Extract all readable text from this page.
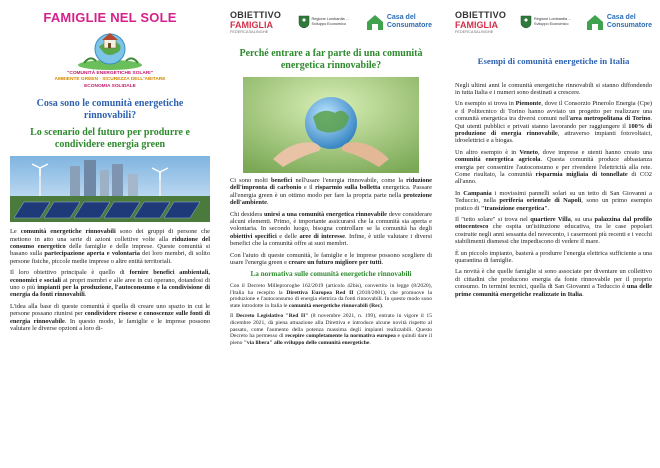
FAMIGLIE NEL SOLE
"COMUNITÀ ENERGETICHE SOLARI"
AMBIENTE GREEN - SICUREZZA DELL'ABITARE
ECONOMIA SOLIDALE
Cosa sono le comunità energetiche rinnovabili?
Lo scenario del futuro per produrre e condividere energia green

Le comunità energetiche rinnovabili sono dei gruppi di persone che mettono in atto una serie di azioni collettive volte alla riduzione del consumo energetico delle famiglie e delle imprese. Queste comunità si basano sulla partecipazione aperta e volontaria dei loro membri, di solito persone fisiche, piccole medie imprese o altre entità territoriali.

Il loro obiettivo principale è quello di fornire benefici ambientali, economici e sociali ai propri membri e alle aree in cui operano, dotandosi di uno o più impianti per la produzione, l'autoconsumo e la condivisione di energia da fonti rinnovabili.

L'idea alla base di queste comunità è quella di creare uno spazio in cui le persone possano riunirsi per condividere risorse e conoscenze sulle fonti di energia rinnovabile. In questo modo, le famiglie e le imprese possono valutare le diverse opzioni a loro di-

OBIETTIVO
FAMIGLIA
FEDERCASALINGHE
Regione Lombardia ... Sviluppo Economico
Casa del
Consumatore
Perché entrare a far parte di una comunità energetica rinnovabile?

Ci sono molti benefici nell'usare l'energia rinnovabile, come la riduzione dell'impronta di carbonio e il risparmio sulla bolletta energetica. Passare all'energia green è un ottimo modo per fare la propria parte nella protezione dell'ambiente.

Chi desidera unirsi a una comunità energetica rinnovabile deve considerare alcuni elementi. Primo, è importante assicurarsi che la comunità sia aperta e volontaria. In secondo luogo, bisogna controllare se la comunità ha degli obiettivi specifici e delle aree di interesse. Infine, è utile valutare i diversi benefici che la comunità offre ai suoi membri.

Con l'aiuto di queste comunità, le famiglie e le imprese possono scegliere di usare l'energia green e creare un futuro migliore per tutti.

La normativa sulle comunità energetiche rinnovabili

Con il Decreto Milleproroghe 162/2019 (articolo 42bis), convertito in legge (8/2020), l'Italia ha recepito la Direttiva Europea Red II (2018/2001), che promuove la produzione e l'autoconsumo di energia elettrica da fonti rinnovabili. In questo modo sono state introdotte in Italia le comunità energetiche rinnovabili (Rec).

Il Decreto Legislativo "Red II" (8 novembre 2021, n. 199), entrato in vigore il 15 dicembre 2021, dà piena attuazione alla Direttiva e introduce alcune novità rispetto al passato, come l'aumento della potenza massima degli impianti realizzabili. Questo Decreto ha permesso di recepire completamente la normativa europea e quindi dare il pieno "via libera" allo sviluppo delle comunità energetiche.

OBIETTIVO
FAMIGLIA
FEDERCASALINGHE
Regione Lombardia ... Sviluppo Economico
Casa del
Consumatore
Esempi di comunità energetiche in Italia

Negli ultimi anni le comunità energetiche rinnovabili si stanno diffondendo in tutta Italia e i numeri sono destinati a crescere.

Un esempio si trova in Piemonte, dove il Consorzio Pinerolo Energia (Cpe) e il Politecnico di Torino hanno avviato un progetto per realizzare una comunità energetica tra diversi comuni nell'area metropolitana di Torino. Qui utenti pubblici e privati stanno lavorando per raggiungere il 100% di produzione di energia rinnovabile, attraverso impianti fotovoltaici, idroelettrici e a biogas.

Un altro esempio è in Veneto, dove imprese e utenti hanno creato una comunità energetica agricola. Questa comunità produce abbastanza energia per consentire l'autoconsumo e per rivendere l'elettricità alla rete. Come risultato, la comunità risparmia migliaia di tonnellate di CO2 all'anno.

In Campania i movissimi pannelli solari su un tetto di San Giovanni a Teduccio, nella periferia orientale di Napoli, sono un primo esempio pratico di "transizione energetica".

Il "tetto solare" si trova nel quartiere Villa, su una palazzina dal profilo ottocentesco che ospita un'istituzione educativa, tra le case popolari costruite negli anni sessanta del novecento, i casermoni più recenti e i vecchi stabilimenti dismessi che impediscono di vedere il mare.

È un piccolo impianto, basterà a produrre l'energia elettrica sufficiente a una quarantina di famiglie.

La novità è che quelle famiglie si sono associate per diventare un collettivo di cittadini che producono energia da fonte rinnovabile per il proprio consumo. In termini tecnici, quella di San Giovanni a Teduccio è una delle prime comunità energetiche realizzate in Italia.
